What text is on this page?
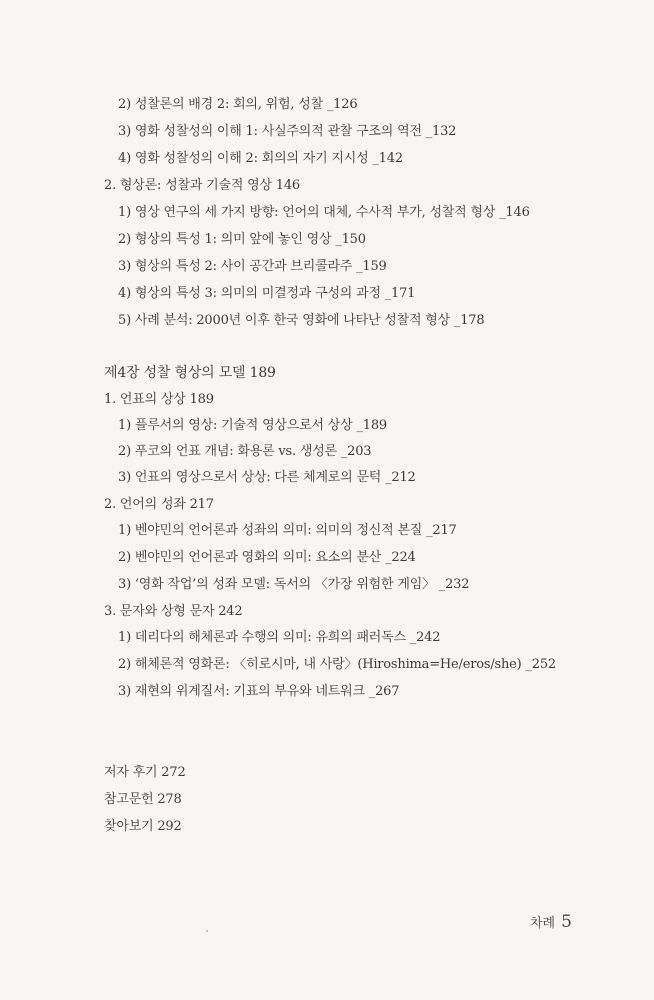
2) 성찰론의 배경 2: 회의, 위험, 성찰 _126
3) 영화 성찰성의 이해 1: 사실주의적 관찰 구조의 역전 _132
4) 영화 성찰성의 이해 2: 회의의 자기 지시성 _142
2. 형상론: 성찰과 기술적 영상 146
1) 영상 연구의 세 가지 방향: 언어의 대체, 수사적 부가, 성찰적 형상 _146
2) 형상의 특성 1: 의미 앞에 놓인 영상 _150
3) 형상의 특성 2: 사이 공간과 브리콜라주 _159
4) 형상의 특성 3: 의미의 미결정과 구성의 과정 _171
5) 사례 분석: 2000년 이후 한국 영화에 나타난 성찰적 형상 _178
제4장 성찰 형상의 모델 189
1. 언표의 상상 189
1) 플루서의 영상: 기술적 영상으로서 상상 _189
2) 푸코의 언표 개념: 화용론 vs. 생성론 _203
3) 언표의 영상으로서 상상: 다른 체계로의 문턱 _212
2. 언어의 성좌 217
1) 벤야민의 언어론과 성좌의 의미: 의미의 정신적 본질 _217
2) 벤야민의 언어론과 영화의 의미: 요소의 분산 _224
3) ‘영화 작업’의 성좌 모델: 독서의 〈가장 위험한 게임〉 _232
3. 문자와 상형 문자 242
1) 데리다의 해체론과 수행의 의미: 유희의 패러독스 _242
2) 해체론적 영화론: 〈히로시마, 내 사랑〉(Hiroshima=He/eros/she) _252
3) 재현의 위계질서: 기표의 부유와 네트워크 _267
저자 후기 272
참고문헌 278
찾아보기 292
차례 5
